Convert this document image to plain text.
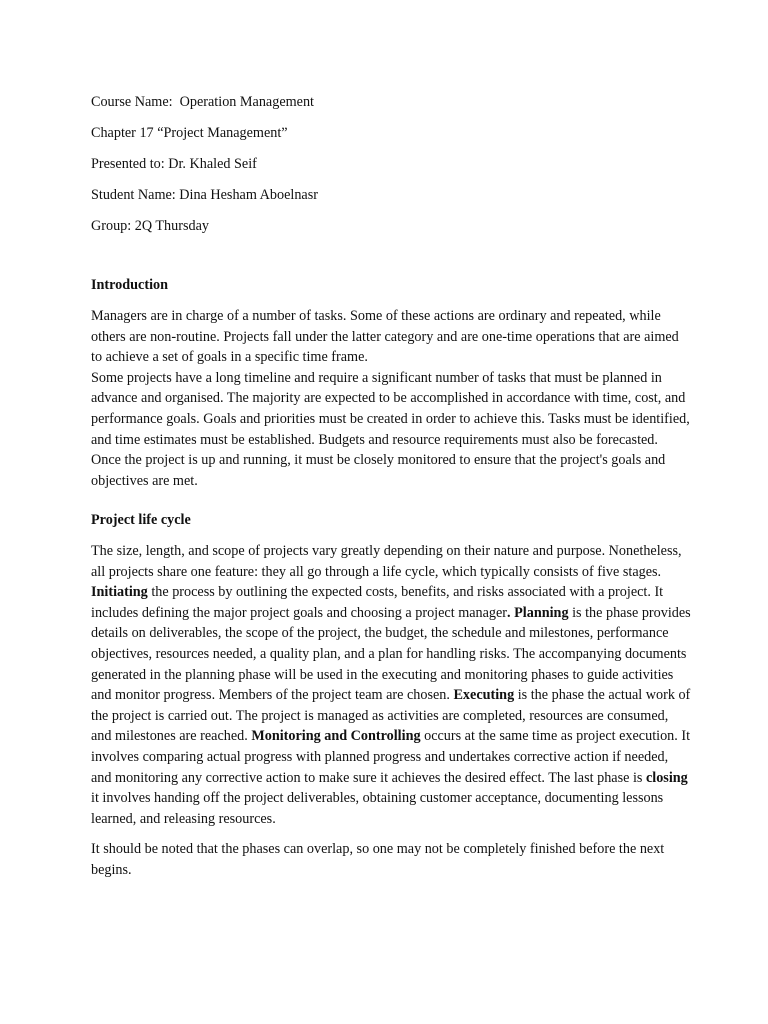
Course Name:  Operation Management

Chapter 17 “Project Management”

Presented to: Dr. Khaled Seif

Student Name: Dina Hesham Aboelnasr

Group: 2Q Thursday

Introduction

Managers are in charge of a number of tasks. Some of these actions are ordinary and repeated, while others are non-routine. Projects fall under the latter category and are one-time operations that are aimed to achieve a set of goals in a specific time frame.

Some projects have a long timeline and require a significant number of tasks that must be planned in advance and organised. The majority are expected to be accomplished in accordance with time, cost, and performance goals. Goals and priorities must be created in order to achieve this. Tasks must be identified, and time estimates must be established. Budgets and resource requirements must also be forecasted. Once the project is up and running, it must be closely monitored to ensure that the project's goals and objectives are met.

Project life cycle

The size, length, and scope of projects vary greatly depending on their nature and purpose. Nonetheless, all projects share one feature: they all go through a life cycle, which typically consists of five stages. Initiating the process by outlining the expected costs, benefits, and risks associated with a project. It includes defining the major project goals and choosing a project manager. Planning is the phase provides details on deliverables, the scope of the project, the budget, the schedule and milestones, performance objectives, resources needed, a quality plan, and a plan for handling risks. The accompanying documents generated in the planning phase will be used in the executing and monitoring phases to guide activities and monitor progress. Members of the project team are chosen. Executing is the phase the actual work of the project is carried out. The project is managed as activities are completed, resources are consumed, and milestones are reached. Monitoring and Controlling occurs at the same time as project execution. It involves comparing actual progress with planned progress and undertakes corrective action if needed, and monitoring any corrective action to make sure it achieves the desired effect. The last phase is closing it involves handing off the project deliverables, obtaining customer acceptance, documenting lessons learned, and releasing resources.

It should be noted that the phases can overlap, so one may not be completely finished before the next begins.
